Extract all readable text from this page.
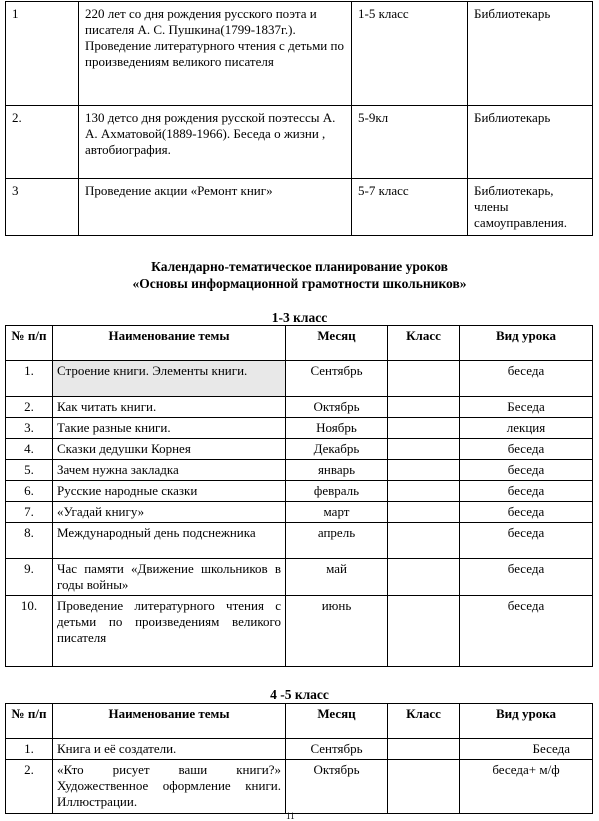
1	220 лет со дня рождения русского поэта и писателя А. С. Пушкина(1799-1837г.). Проведение литературного чтения с детьми по произведениям великого писателя	1-5 класс	Библиотекарь
2.	130 детсо дня рождения русской поэтессы А. А. Ахматовой(1889-1966). Беседа о жизни , автобиография.	5-9кл	Библиотекарь
3	Проведение акции «Ремонт книг»	5-7 класс	Библиотекарь, члены самоуправления.
Календарно-тематическое планирование уроков
«Основы информационной грамотности школьников»
1-3 класс
№ п/п	Наименование темы	Месяц	Класс	Вид урока
1.	Строение книги. Элементы книги.	Сентябрь		беседа
2.	Как читать книги.	Октябрь		Беседа
3.	Такие разные книги.	Ноябрь		лекция
4.	Сказки дедушки Корнея	Декабрь		беседа
5.	Зачем нужна закладка	январь		беседа
6.	Русские народные сказки	февраль		беседа
7.	«Угадай книгу»	март		беседа
8.	Международный день подснежника	апрель		беседа
9.	Час памяти «Движение школьников в годы войны»	май		беседа
10.	Проведение литературного чтения с детьми по произведениям великого писателя	июнь		беседа
4 -5 класс
№ п/п	Наименование темы	Месяц	Класс	Вид урока
1.	Книга и её создатели.	Сентябрь		Беседа
2.	«Кто рисует ваши книги?» Художественное оформление книги. Иллюстрации.	Октябрь		беседа+ м/ф
11
